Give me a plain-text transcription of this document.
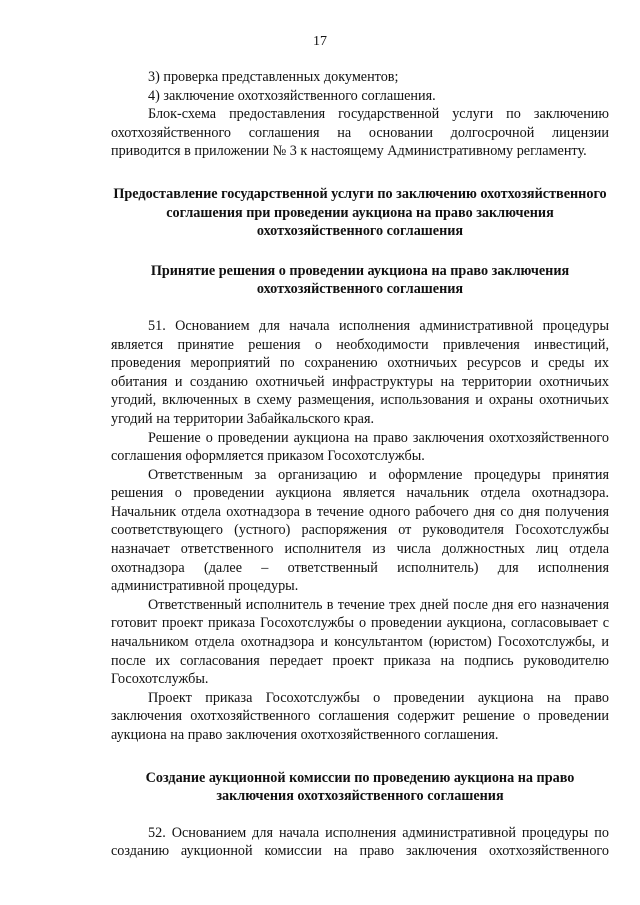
17

3) проверка представленных документов;

4) заключение охотхозяйственного соглашения.

Блок-схема предоставления государственной услуги по заключению охотхозяйственного соглашения на основании долгосрочной лицензии приводится в приложении № 3 к настоящему Административному регламенту.

Предоставление государственной услуги по заключению охотхозяйственного соглашения при проведении аукциона на право заключения охотхозяйственного соглашения

Принятие решения о проведении аукциона на право заключения охотхозяйственного соглашения

51. Основанием для начала исполнения административной процедуры является принятие решения о необходимости привлечения инвестиций, проведения мероприятий по сохранению охотничьих ресурсов и среды их обитания и созданию охотничьей инфраструктуры на территории охотничьих угодий, включенных в схему размещения, использования и охраны охотничьих угодий на территории Забайкальского края.

Решение о проведении аукциона на право заключения охотхозяйственного соглашения оформляется приказом Госохотслужбы.

Ответственным за организацию и оформление процедуры принятия решения о проведении аукциона является начальник отдела охотнадзора. Начальник отдела охотнадзора в течение одного рабочего дня со дня получения соответствующего (устного) распоряжения от руководителя Госохотслужбы назначает ответственного исполнителя из числа должностных лиц отдела охотнадзора (далее – ответственный исполнитель) для исполнения административной процедуры.

Ответственный исполнитель в течение трех дней после дня его назначения готовит проект приказа Госохотслужбы о проведении аукциона, согласовывает с начальником отдела охотнадзора и консультантом (юристом) Госохотслужбы, и после их согласования передает проект приказа на подпись руководителю Госохотслужбы.

Проект приказа Госохотслужбы о проведении аукциона на право заключения охотхозяйственного соглашения содержит решение о проведении аукциона на право заключения охотхозяйственного соглашения.

Создание аукционной комиссии по проведению аукциона на право заключения охотхозяйственного соглашения

52. Основанием для начала исполнения административной процедуры по созданию аукционной комиссии на право заключения охотхозяйственного
